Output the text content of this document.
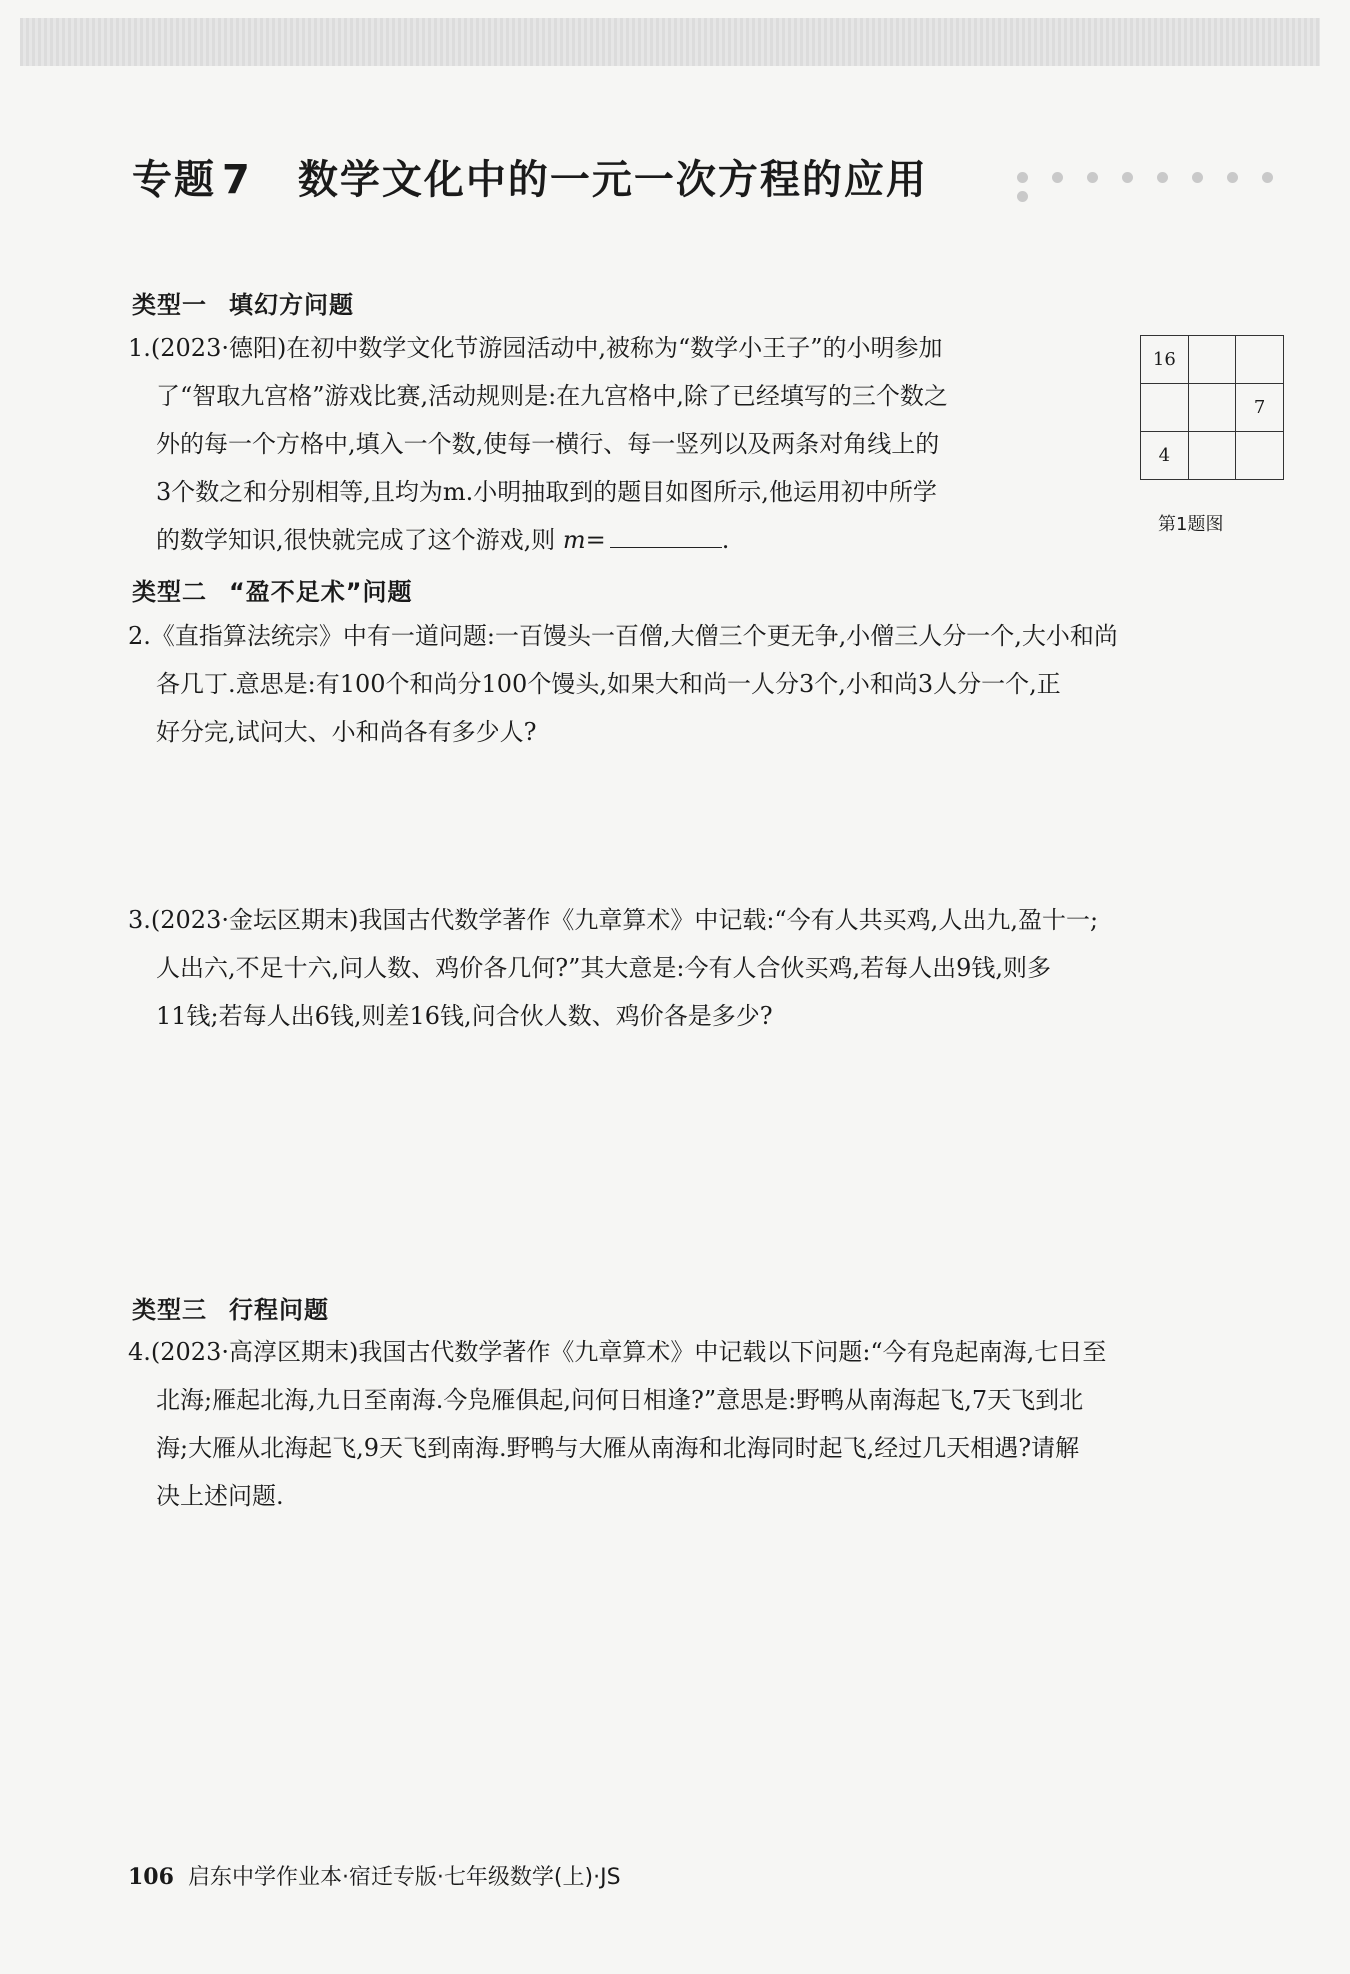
专题 7 数学文化中的一元一次方程的应用
类型一 填幻方问题
1.(2023·德阳)在初中数学文化节游园活动中,被称为“数学小王子”的小明参加
了“智取九宫格”游戏比赛,活动规则是:在九宫格中,除了已经填写的三个数之
外的每一个方格中,填入一个数,使每一横行、每一竖列以及两条对角线上的
3个数之和分别相等,且均为m.小明抽取到的题目如图所示,他运用初中所学
的数学知识,很快就完成了这个游戏,则 m=	.
16		
		7
4		
第1题图
类型二 “盈不足术”问题
2.《直指算法统宗》中有一道问题:一百馒头一百僧,大僧三个更无争,小僧三人分一个,大小和尚
各几丁.意思是:有100个和尚分100个馒头,如果大和尚一人分3个,小和尚3人分一个,正
好分完,试问大、小和尚各有多少人?
3.(2023·金坛区期末)我国古代数学著作《九章算术》中记载:“今有人共买鸡,人出九,盈十一;
人出六,不足十六,问人数、鸡价各几何?”其大意是:今有人合伙买鸡,若每人出9钱,则多
11钱;若每人出6钱,则差16钱,问合伙人数、鸡价各是多少?
类型三 行程问题
4.(2023·高淳区期末)我国古代数学著作《九章算术》中记载以下问题:“今有凫起南海,七日至
北海;雁起北海,九日至南海.今凫雁俱起,问何日相逢?”意思是:野鸭从南海起飞,7天飞到北
海;大雁从北海起飞,9天飞到南海.野鸭与大雁从南海和北海同时起飞,经过几天相遇?请解
决上述问题.
106 启东中学作业本·宿迁专版·七年级数学(上)·JS
